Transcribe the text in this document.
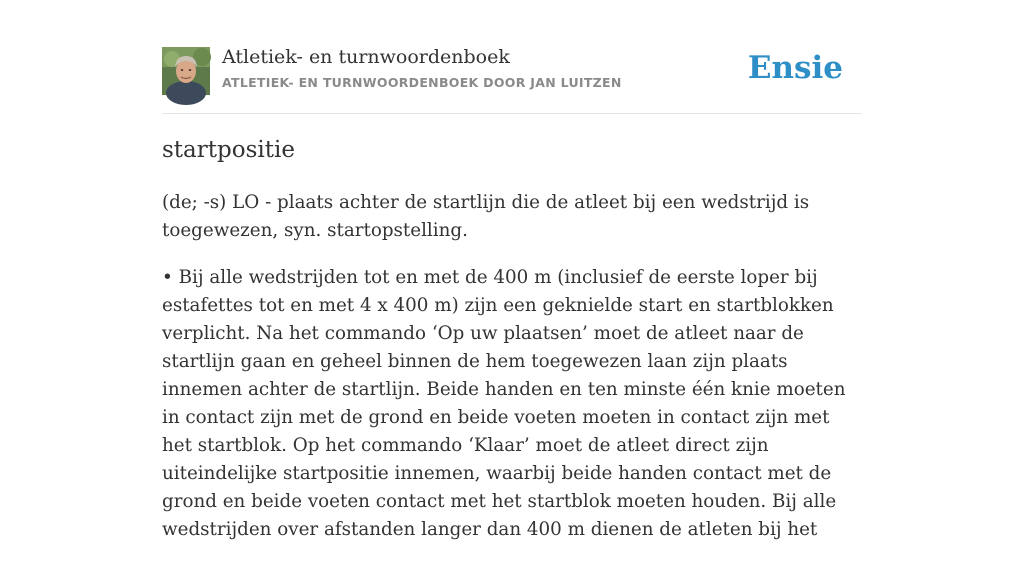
Atletiek- en turnwoordenboek
ATLETIEK- EN TURNWOORDENBOEK DOOR JAN LUITZEN	Ensie
startpositie

(de; -s) LO - plaats achter de startlijn die de atleet bij een wedstrijd is toegewezen, syn. startopstelling.

• Bij alle wedstrijden tot en met de 400 m (inclusief de eerste loper bij estafettes tot en met 4 x 400 m) zijn een geknielde start en startblokken verplicht. Na het commando ‘Op uw plaatsen’ moet de atleet naar de startlijn gaan en geheel binnen de hem toegewezen laan zijn plaats innemen achter de startlijn. Beide handen en ten minste één knie moeten in contact zijn met de grond en beide voeten moeten in contact zijn met het startblok. Op het commando ‘Klaar’ moet de atleet direct zijn uiteindelijke startpositie innemen, waarbij beide handen contact met de grond en beide voeten contact met het startblok moeten houden. Bij alle wedstrijden over afstanden langer dan 400 m dienen de atleten bij het
